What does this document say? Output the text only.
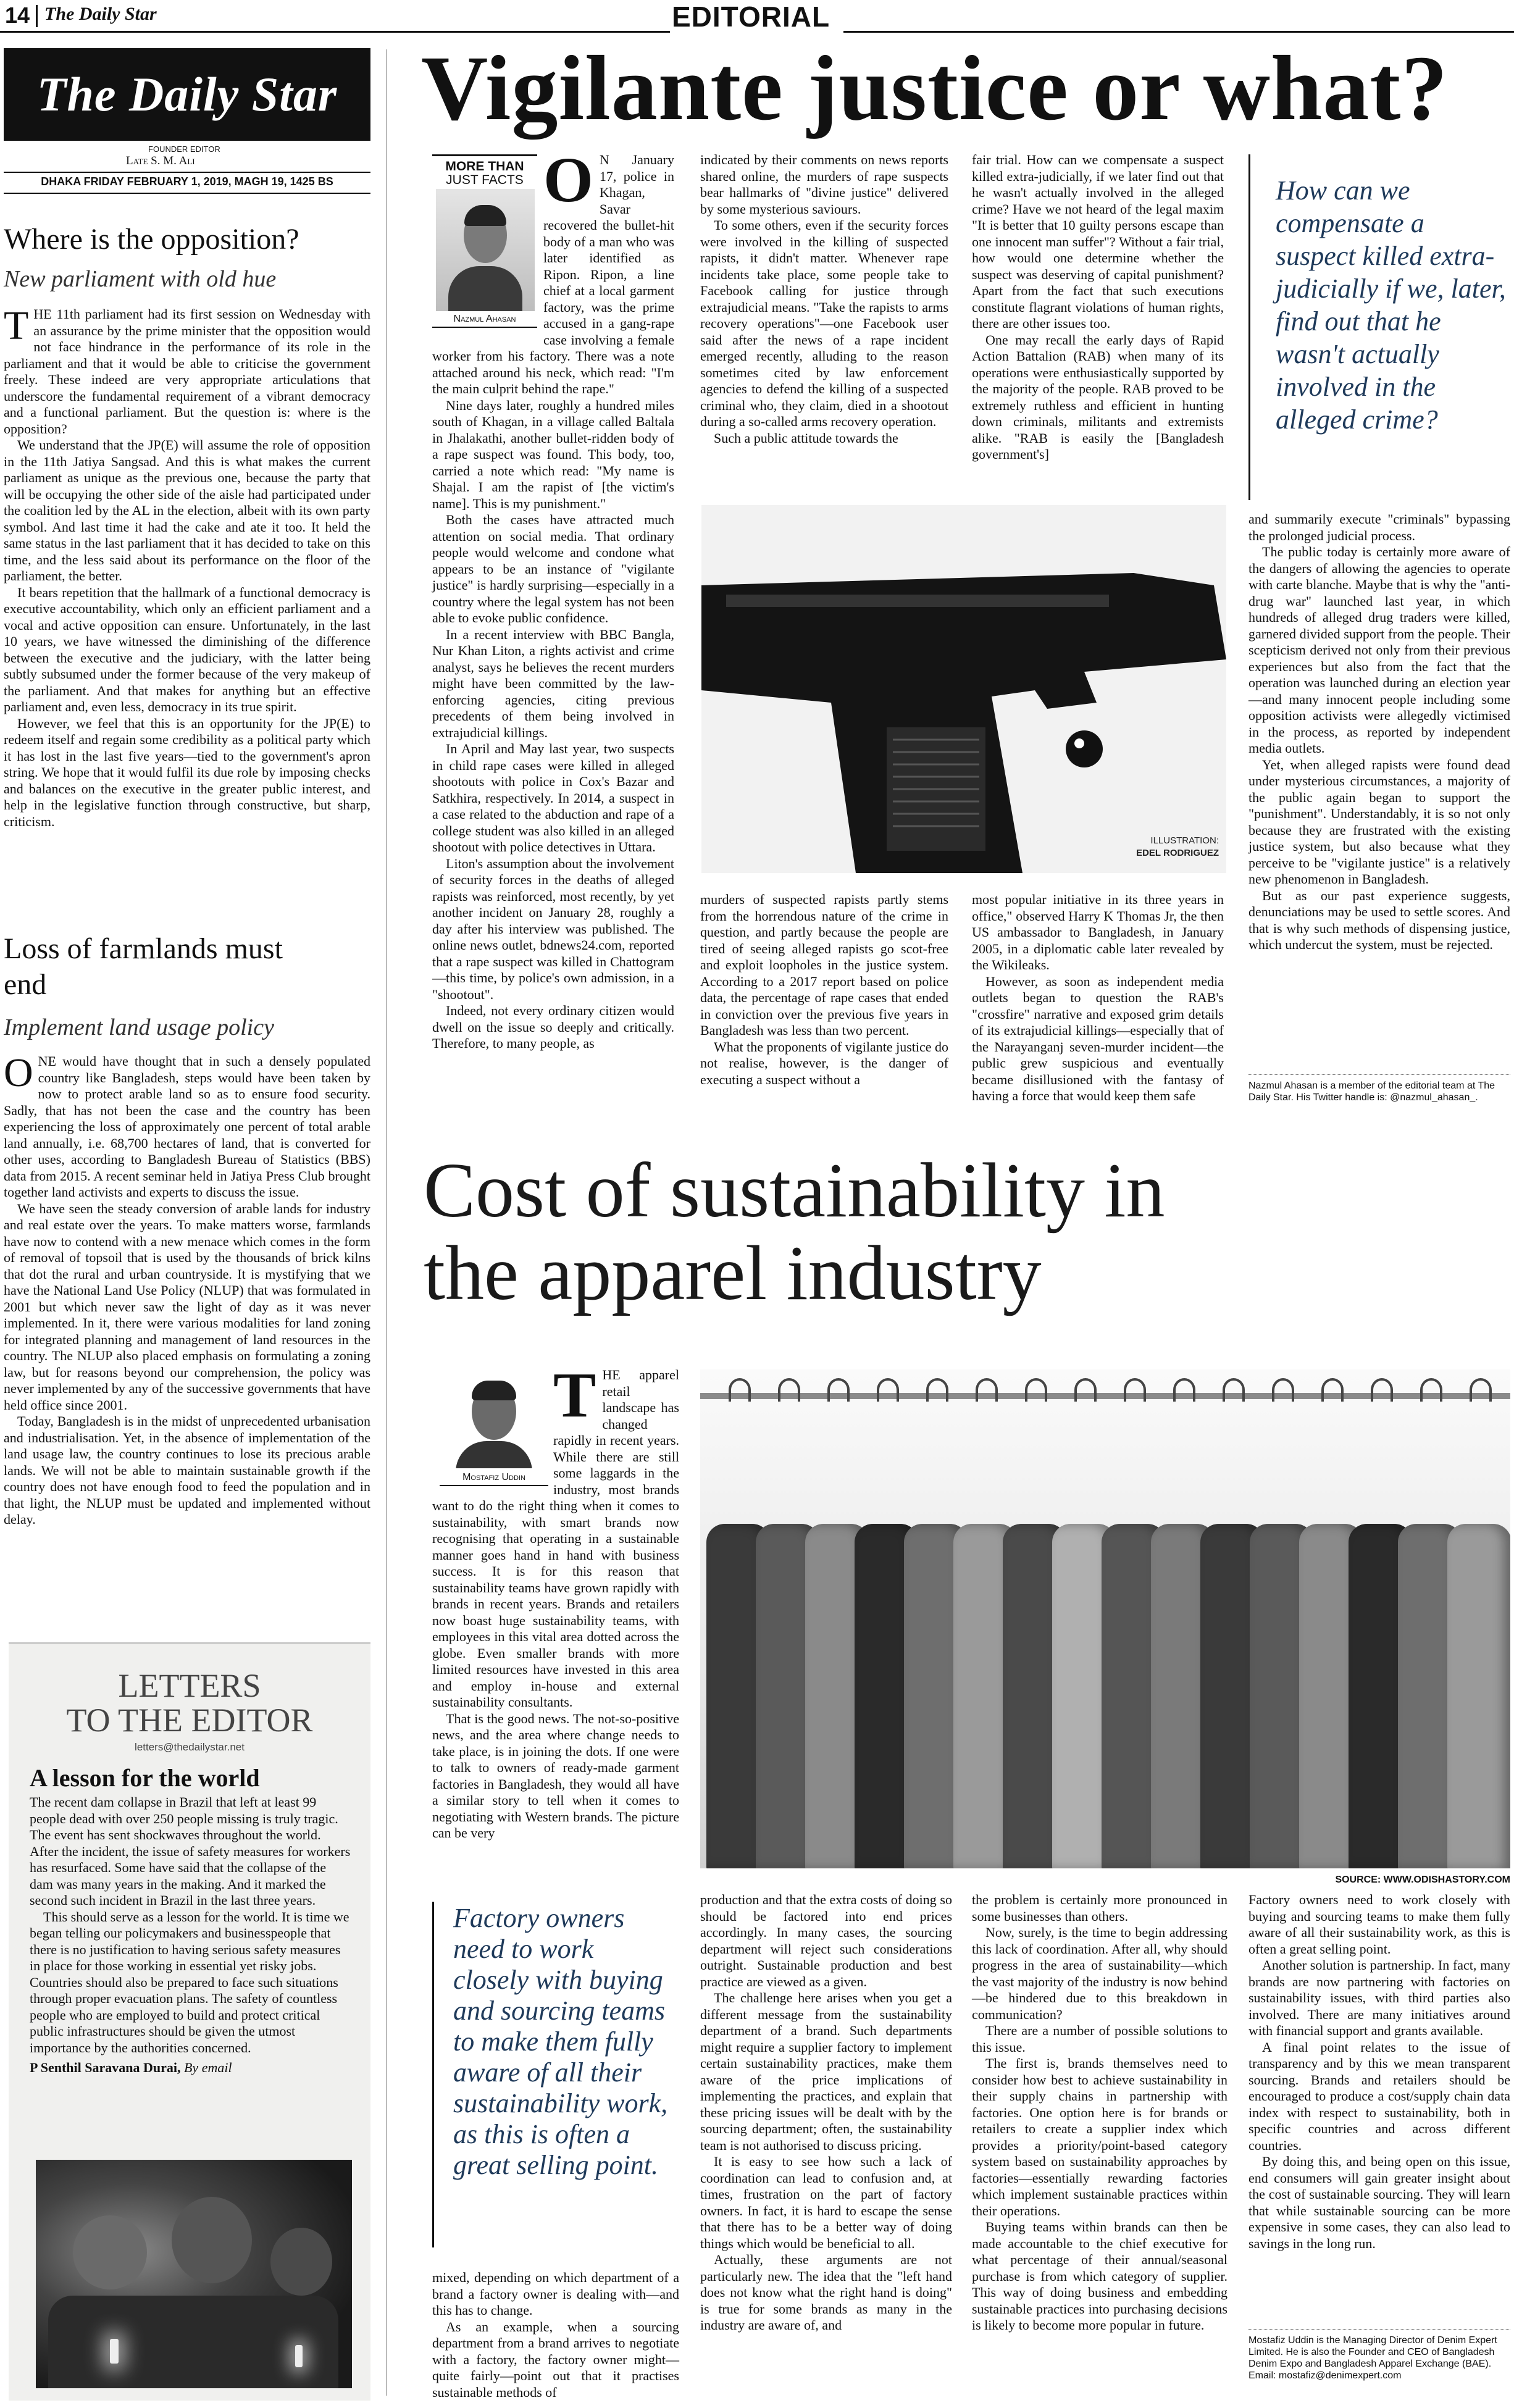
14 The Daily Star	EDITORIAL
The Daily Star
FOUNDER EDITOR
Late S. M. Ali
DHAKA FRIDAY FEBRUARY 1, 2019, MAGH 19, 1425 BS
Where is the opposition?
New parliament with old hue

THE 11th parliament had its first session on Wednesday with an assurance by the prime minister that the opposition would not face hindrance in the performance of its role in the parliament and that it would be able to criticise the government freely. These indeed are very appropriate articulations that underscore the fundamental requirement of a vibrant democracy and a functional parliament. But the question is: where is the opposition?

We understand that the JP(E) will assume the role of opposition in the 11th Jatiya Sangsad. And this is what makes the current parliament as unique as the previous one, because the party that will be occupying the other side of the aisle had participated under the coalition led by the AL in the election, albeit with its own party symbol. And last time it had the cake and ate it too. It held the same status in the last parliament that it has decided to take on this time, and the less said about its performance on the floor of the parliament, the better.

It bears repetition that the hallmark of a functional democracy is executive accountability, which only an efficient parliament and a vocal and active opposition can ensure. Unfortunately, in the last 10 years, we have witnessed the diminishing of the difference between the executive and the judiciary, with the latter being subtly subsumed under the former because of the very makeup of the parliament. And that makes for anything but an effective parliament and, even less, democracy in its true spirit.

However, we feel that this is an opportunity for the JP(E) to redeem itself and regain some credibility as a political party which it has lost in the last five years—tied to the government's apron string. We hope that it would fulfil its due role by imposing checks and balances on the executive in the greater public interest, and help in the legislative function through constructive, but sharp, criticism.

Loss of farmlands must end
Implement land usage policy

ONE would have thought that in such a densely populated country like Bangladesh, steps would have been taken by now to protect arable land so as to ensure food security. Sadly, that has not been the case and the country has been experiencing the loss of approximately one percent of total arable land annually, i.e. 68,700 hectares of land, that is converted for other uses, according to Bangladesh Bureau of Statistics (BBS) data from 2015. A recent seminar held in Jatiya Press Club brought together land activists and experts to discuss the issue.

We have seen the steady conversion of arable lands for industry and real estate over the years. To make matters worse, farmlands have now to contend with a new menace which comes in the form of removal of topsoil that is used by the thousands of brick kilns that dot the rural and urban countryside. It is mystifying that we have the National Land Use Policy (NLUP) that was formulated in 2001 but which never saw the light of day as it was never implemented. In it, there were various modalities for land zoning for integrated planning and management of land resources in the country. The NLUP also placed emphasis on formulating a zoning law, but for reasons beyond our comprehension, the policy was never implemented by any of the successive governments that have held office since 2001.

Today, Bangladesh is in the midst of unprecedented urbanisation and industrialisation. Yet, in the absence of implementation of the land usage law, the country continues to lose its precious arable lands. We will not be able to maintain sustainable growth if the country does not have enough food to feed the population and in that light, the NLUP must be updated and implemented without delay.

LETTERS
TO THE EDITOR
letters@thedailystar.net
A lesson for the world

The recent dam collapse in Brazil that left at least 99 people dead with over 250 people missing is truly tragic. The event has sent shockwaves throughout the world. After the incident, the issue of safety measures for workers has resurfaced. Some have said that the collapse of the dam was many years in the making. And it marked the second such incident in Brazil in the last three years.

This should serve as a lesson for the world. It is time we began telling our policymakers and businesspeople that there is no justification to having serious safety measures in place for those working in essential yet risky jobs. Countries should also be prepared to face such situations through proper evacuation plans. The safety of countless people who are employed to build and protect critical public infrastructures should be given the utmost importance by the authorities concerned.

P Senthil Saravana Durai, By email

Vigilante justice or what?
MORE THAN
JUST FACTS
Nazmul Ahasan

O N January 17, police in Khagan, Savar recovered the bullet-hit body of a man who was later identified as Ripon. Ripon, a line chief at a local garment factory, was the prime accused in a gang-rape case involving a female worker from his factory. There was a note attached around his neck, which read: "I'm the main culprit behind the rape."

Nine days later, roughly a hundred miles south of Khagan, in a village called Baltala in Jhalakathi, another bullet-ridden body of a rape suspect was found. This body, too, carried a note which read: "My name is Shajal. I am the rapist of [the victim's name]. This is my punishment."

Both the cases have attracted much attention on social media. That ordinary people would welcome and condone what appears to be an instance of "vigilante justice" is hardly surprising—especially in a country where the legal system has not been able to evoke public confidence.

In a recent interview with BBC Bangla, Nur Khan Liton, a rights activist and crime analyst, says he believes the recent murders might have been committed by the law-enforcing agencies, citing previous precedents of them being involved in extrajudicial killings.

In April and May last year, two suspects in child rape cases were killed in alleged shootouts with police in Cox's Bazar and Satkhira, respectively. In 2014, a suspect in a case related to the abduction and rape of a college student was also killed in an alleged shootout with police detectives in Uttara.

Liton's assumption about the involvement of security forces in the deaths of alleged rapists was reinforced, most recently, by yet another incident on January 28, roughly a day after his interview was published. The online news outlet, bdnews24.com, reported that a rape suspect was killed in Chattogram—this time, by police's own admission, in a "shootout".

Indeed, not every ordinary citizen would dwell on the issue so deeply and critically. Therefore, to many people, as

indicated by their comments on news reports shared online, the murders of rape suspects bear hallmarks of "divine justice" delivered by some mysterious saviours.

To some others, even if the security forces were involved in the killing of suspected rapists, it didn't matter. Whenever rape incidents take place, some people take to Facebook calling for justice through extrajudicial means. "Take the rapists to arms recovery operations"—one Facebook user said after the news of a rape incident emerged recently, alluding to the reason sometimes cited by law enforcement agencies to defend the killing of a suspected criminal who, they claim, died in a shootout during a so-called arms recovery operation.

Such a public attitude towards the

fair trial. How can we compensate a suspect killed extra-judicially, if we later find out that he wasn't actually involved in the alleged crime? Have we not heard of the legal maxim "It is better that 10 guilty persons escape than one innocent man suffer"? Without a fair trial, how would one determine whether the suspect was deserving of capital punishment? Apart from the fact that such executions constitute flagrant violations of human rights, there are other issues too.

One may recall the early days of Rapid Action Battalion (RAB) when many of its operations were enthusiastically supported by the majority of the people. RAB proved to be extremely ruthless and efficient in hunting down criminals, militants and extremists alike. "RAB is easily the [Bangladesh government's]

ILLUSTRATION:
EDEL RODRIGUEZ

murders of suspected rapists partly stems from the horrendous nature of the crime in question, and partly because the people are tired of seeing alleged rapists go scot-free and exploit loopholes in the justice system. According to a 2017 report based on police data, the percentage of rape cases that ended in conviction over the previous five years in Bangladesh was less than two percent.

What the proponents of vigilante justice do not realise, however, is the danger of executing a suspect without a

most popular initiative in its three years in office," observed Harry K Thomas Jr, the then US ambassador to Bangladesh, in January 2005, in a diplomatic cable later revealed by the Wikileaks.

However, as soon as independent media outlets began to question the RAB's "crossfire" narrative and exposed grim details of its extrajudicial killings—especially that of the Narayanganj seven-murder incident—the public grew suspicious and eventually became disillusioned with the fantasy of having a force that would keep them safe

How can we compensate a suspect killed extra-judicially if we, later, find out that he wasn't actually involved in the alleged crime?

and summarily execute "criminals" bypassing the prolonged judicial process.

The public today is certainly more aware of the dangers of allowing the agencies to operate with carte blanche. Maybe that is why the "anti-drug war" launched last year, in which hundreds of alleged drug traders were killed, garnered divided support from the people. Their scepticism derived not only from their previous experiences but also from the fact that the operation was launched during an election year—and many innocent people including some opposition activists were allegedly victimised in the process, as reported by independent media outlets.

Yet, when alleged rapists were found dead under mysterious circumstances, a majority of the public again began to support the "punishment". Understandably, it is so not only because they are frustrated with the existing justice system, but also because what they perceive to be "vigilante justice" is a relatively new phenomenon in Bangladesh.

But as our past experience suggests, denunciations may be used to settle scores. And that is why such methods of dispensing justice, which undercut the system, must be rejected.

Nazmul Ahasan is a member of the editorial team at The Daily Star. His Twitter handle is: @nazmul_ahasan_.
Cost of sustainability in
the apparel industry
Mostafiz Uddin

THE apparel retail landscape has changed rapidly in recent years. While there are still some laggards in the industry, most brands want to do the right thing when it comes to sustainability, with smart brands now recognising that operating in a sustainable manner goes hand in hand with business success. It is for this reason that sustainability teams have grown rapidly with brands in recent years. Brands and retailers now boast huge sustainability teams, with employees in this vital area dotted across the globe. Even smaller brands with more limited resources have invested in this area and employ in-house and external sustainability consultants.

That is the good news. The not-so-positive news, and the area where change needs to take place, is in joining the dots. If one were to talk to owners of ready-made garment factories in Bangladesh, they would all have a similar story to tell when it comes to negotiating with Western brands. The picture can be very

SOURCE: WWW.ODISHASTORY.COM
Factory owners need to work closely with buying and sourcing teams to make them fully aware of all their sustainability work, as this is often a great selling point.

mixed, depending on which department of a brand a factory owner is dealing with—and this has to change.

As an example, when a sourcing department from a brand arrives to negotiate with a factory, the factory owner might—quite fairly—point out that it practises sustainable methods of

production and that the extra costs of doing so should be factored into end prices accordingly. In many cases, the sourcing department will reject such considerations outright. Sustainable production and best practice are viewed as a given.

The challenge here arises when you get a different message from the sustainability department of a brand. Such departments might require a supplier factory to implement certain sustainability practices, make them aware of the price implications of implementing the practices, and explain that these pricing issues will be dealt with by the sourcing department; often, the sustainability team is not authorised to discuss pricing.

It is easy to see how such a lack of coordination can lead to confusion and, at times, frustration on the part of factory owners. In fact, it is hard to escape the sense that there has to be a better way of doing things which would be beneficial to all.

Actually, these arguments are not particularly new. The idea that the "left hand does not know what the right hand is doing" is true for some brands as many in the industry are aware of, and

the problem is certainly more pronounced in some businesses than others.

Now, surely, is the time to begin addressing this lack of coordination. After all, why should progress in the area of sustainability—which the vast majority of the industry is now behind—be hindered due to this breakdown in communication?

There are a number of possible solutions to this issue.

The first is, brands themselves need to consider how best to achieve sustainability in their supply chains in partnership with factories. One option here is for brands or retailers to create a supplier index which provides a priority/point-based category system based on sustainability approaches by factories—essentially rewarding factories which implement sustainable practices within their operations.

Buying teams within brands can then be made accountable to the chief executive for what percentage of their annual/seasonal purchase is from which category of supplier. This way of doing business and embedding sustainable practices into purchasing decisions is likely to become more popular in future.

Factory owners need to work closely with buying and sourcing teams to make them fully aware of all their sustainability work, as this is often a great selling point.

Another solution is partnership. In fact, many brands are now partnering with factories on sustainability issues, with third parties also involved. There are many initiatives around with financial support and grants available.

A final point relates to the issue of transparency and by this we mean transparent sourcing. Brands and retailers should be encouraged to produce a cost/supply chain data index with respect to sustainability, both in specific countries and across different countries.

By doing this, and being open on this issue, end consumers will gain greater insight about the cost of sustainable sourcing. They will learn that while sustainable sourcing can be more expensive in some cases, they can also lead to savings in the long run.

Mostafiz Uddin is the Managing Director of Denim Expert Limited. He is also the Founder and CEO of Bangladesh Denim Expo and Bangladesh Apparel Exchange (BAE). Email: mostafiz@denimexpert.com
